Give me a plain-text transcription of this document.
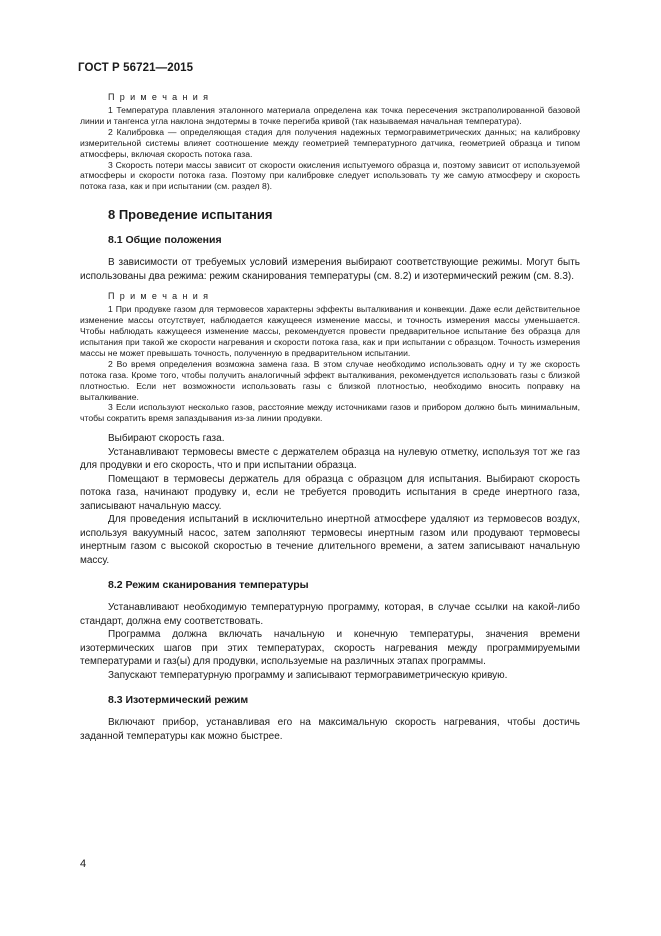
ГОСТ Р 56721—2015
П р и м е ч а н и я

1 Температура плавления эталонного материала определена как точка пересечения экстраполированной базовой линии и тангенса угла наклона эндотермы в точке перегиба кривой (так называемая начальная температура).

2 Калибровка — определяющая стадия для получения надежных термогравиметрических данных; на калибровку измерительной системы влияет соотношение между геометрией температурного датчика, геометрией образца и типом атмосферы, включая скорость потока газа.

3 Скорость потери массы зависит от скорости окисления испытуемого образца и, поэтому зависит от используемой атмосферы и скорости потока газа. Поэтому при калибровке следует использовать ту же самую атмосферу и скорость потока газа, как и при испытании (см. раздел 8).

8 Проведение испытания
8.1 Общие положения

В зависимости от требуемых условий измерения выбирают соответствующие режимы. Могут быть использованы два режима: режим сканирования температуры (см. 8.2) и изотермический режим (см. 8.3).

П р и м е ч а н и я

1 При продувке газом для термовесов характерны эффекты выталкивания и конвекции. Даже если действительное изменение массы отсутствует, наблюдается кажущееся изменение массы, и точность измерения массы уменьшается. Чтобы наблюдать кажущееся изменение массы, рекомендуется провести предварительное испытание без образца для испытания при такой же скорости нагревания и скорости потока газа, как и при испытании с образцом. Точность измерения массы не может превышать точность, полученную в предварительном испытании.

2 Во время определения возможна замена газа. В этом случае необходимо использовать одну и ту же скорость потока газа. Кроме того, чтобы получить аналогичный эффект выталкивания, рекомендуется использовать газы с близкой плотностью. Если нет возможности использовать газы с близкой плотностью, необходимо вносить поправку на выталкивание.

3 Если используют несколько газов, расстояние между источниками газов и прибором должно быть минимальным, чтобы сократить время запаздывания из-за линии продувки.

Выбирают скорость газа.

Устанавливают термовесы вместе с держателем образца на нулевую отметку, используя тот же газ для продувки и его скорость, что и при испытании образца.

Помещают в термовесы держатель для образца с образцом для испытания. Выбирают скорость потока газа, начинают продувку и, если не требуется проводить испытания в среде инертного газа, записывают начальную массу.

Для проведения испытаний в исключительно инертной атмосфере удаляют из термовесов воздух, используя вакуумный насос, затем заполняют термовесы инертным газом или продувают термовесы инертным газом с высокой скоростью в течение длительного времени, а затем записывают начальную массу.

8.2 Режим сканирования температуры

Устанавливают необходимую температурную программу, которая, в случае ссылки на какой-либо стандарт, должна ему соответствовать.

Программа должна включать начальную и конечную температуры, значения времени изотермических шагов при этих температурах, скорость нагревания между программируемыми температурами и газ(ы) для продувки, используемые на различных этапах программы.

Запускают температурную программу и записывают термогравиметрическую кривую.

8.3 Изотермический режим

Включают прибор, устанавливая его на максимальную скорость нагревания, чтобы достичь заданной температуры как можно быстрее.

4
